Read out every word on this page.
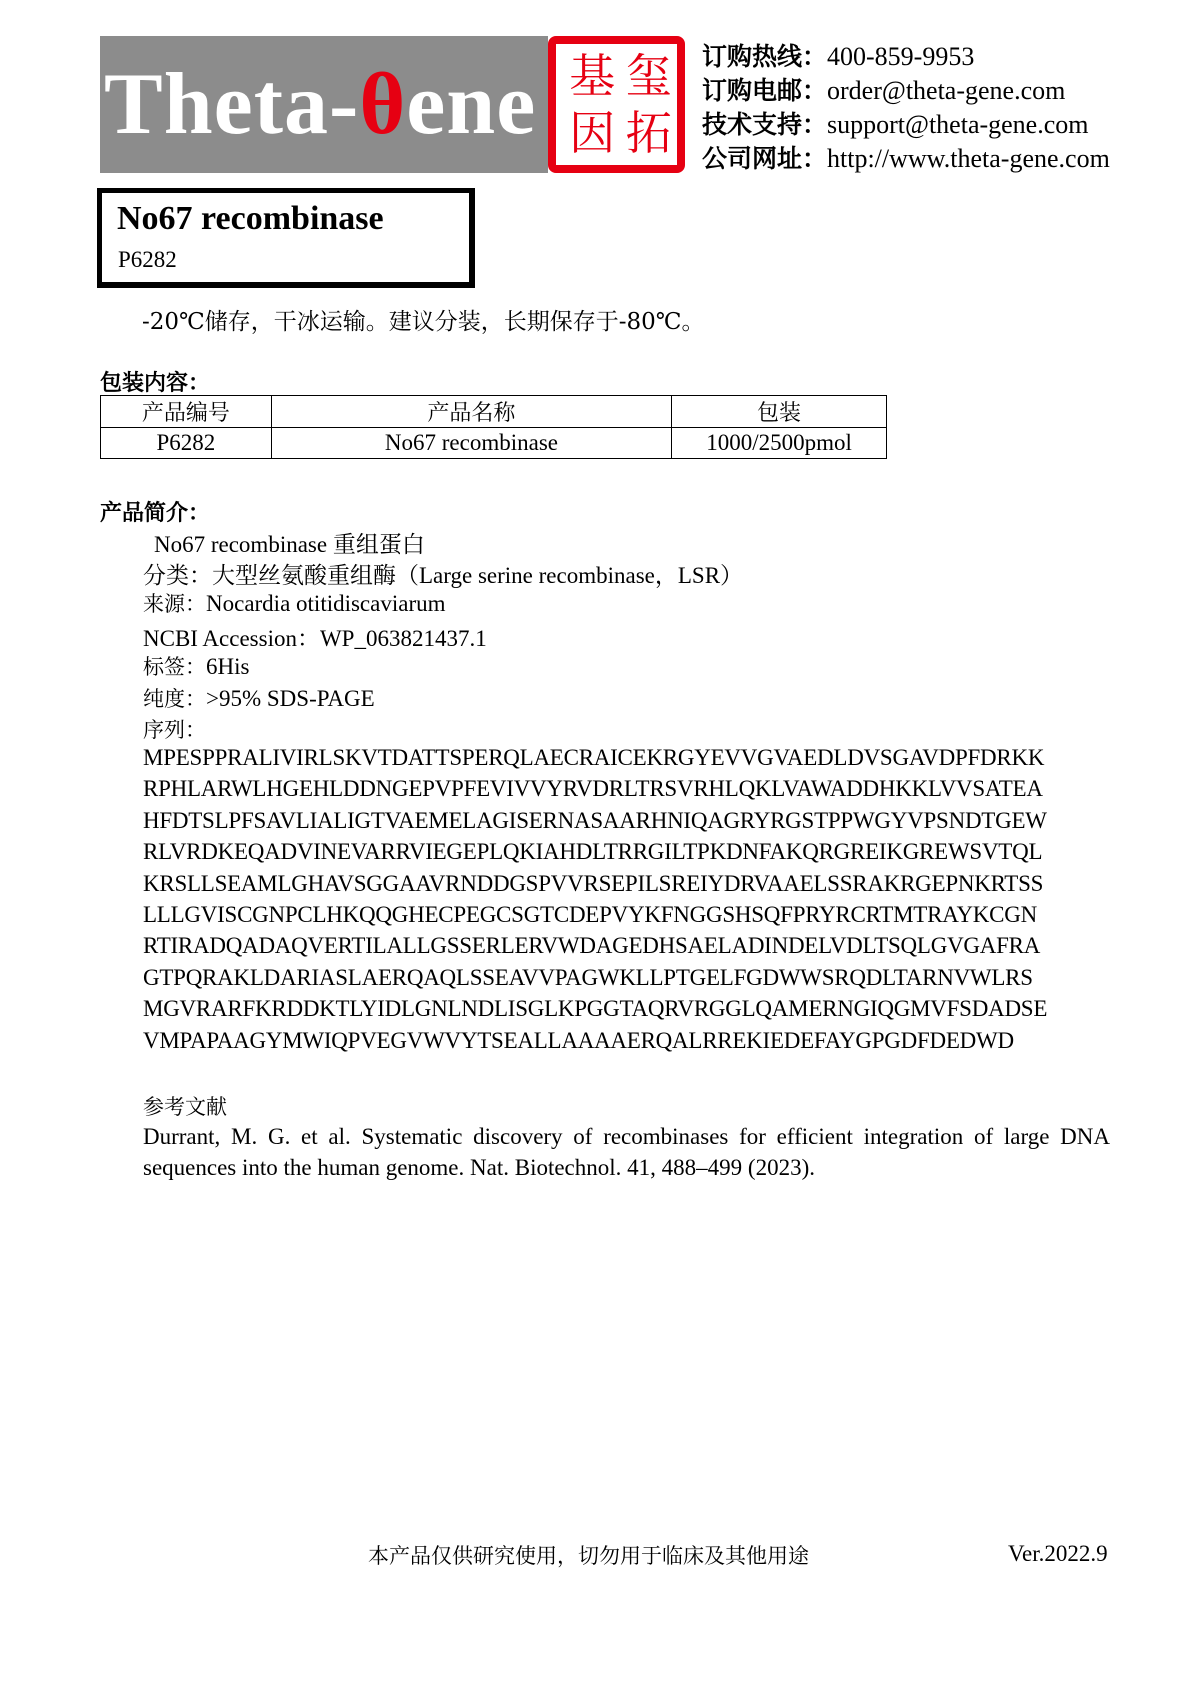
Theta-θene 基 玺
因 拓
订购热线：400-859-9953
订购电邮：order@theta-gene.com
技术支持：support@theta-gene.com
公司网址：http://www.theta-gene.com
No67 recombinase
P6282
-20℃储存，干冰运输。建议分装，长期保存于-80℃。
包装内容：
产品编号	产品名称	包装
P6282	No67 recombinase	1000/2500pmol
产品简介：
No67 recombinase 重组蛋白
分类：大型丝氨酸重组酶（Large serine recombinase，LSR）
来源：Nocardia otitidiscaviarum
NCBI Accession：WP_063821437.1
标签：6His
纯度：>95% SDS-PAGE
序列：
MPESPPRALIVIRLSKVTDATTSPERQLAECRAICEKRGYEVVGVAEDLDVSGAVDPFDRKK
RPHLARWLHGEHLDDNGEPVPFEVIVVYRVDRLTRSVRHLQKLVAWADDHKKLVVSATEA
HFDTSLPFSAVLIALIGTVAEMELAGISERNASAARHNIQAGRYRGSTPPWGYVPSNDTGEW
RLVRDKEQADVINEVARRVIEGEPLQKIAHDLTRRGILTPKDNFAKQRGREIKGREWSVTQL
KRSLLSEAMLGHAVSGGAAVRNDDGSPVVRSEPILSREIYDRVAAELSSRAKRGEPNKRTSS
LLLGVISCGNPCLHKQQGHECPEGCSGTCDEPVYKFNGGSHSQFPRYRCRTMTRAYKCGN
RTIRADQADAQVERTILALLGSSERLERVWDAGEDHSAELADINDELVDLTSQLGVGAFRA
GTPQRAKLDARIASLAERQAQLSSEAVVPAGWKLLPTGELFGDWWSRQDLTARNVWLRS
MGVRARFKRDDKTLYIDLGNLNDLISGLKPGGTAQRVRGGLQAMERNGIQGMVFSDADSE
VMPAPAAGYMWIQPVEGVWVYTSEALLAAAAERQALRREKIEDEFAYGPGDFDEDWD
参考文献
Durrant, M. G. et al. Systematic discovery of recombinases for efficient integration of large DNA sequences into the human genome. Nat. Biotechnol. 41, 488–499 (2023).
本产品仅供研究使用，切勿用于临床及其他用途	Ver.2022.9
